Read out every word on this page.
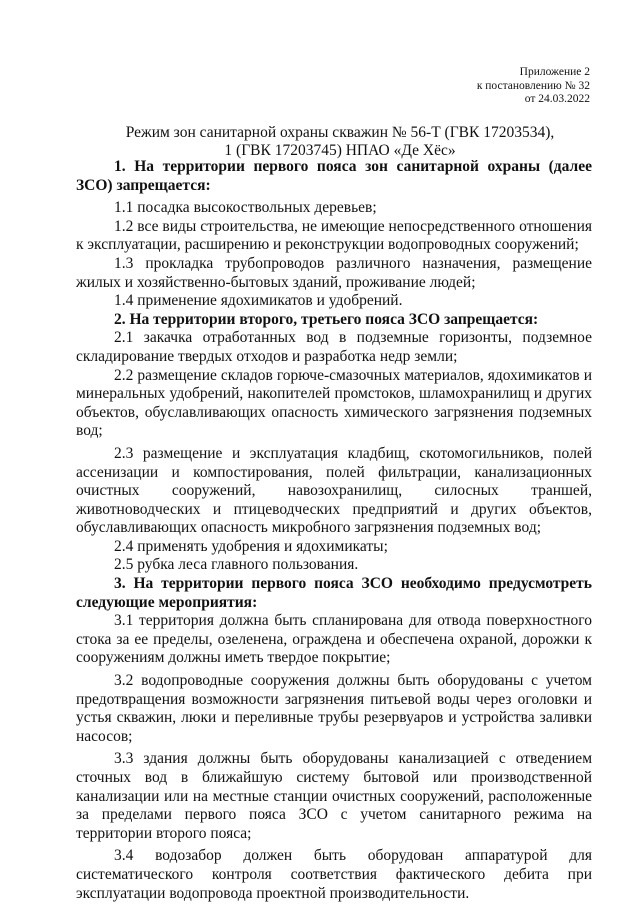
Приложение 2
к постановлению № 32
от 24.03.2022
Режим зон санитарной охраны скважин № 56-Т (ГВК 17203534),
1 (ГВК 17203745) НПАО «Де Хёс»

1. На территории первого пояса зон санитарной охраны (далее ЗСО) запрещается:

1.1 посадка высокоствольных деревьев;

1.2 все виды строительства, не имеющие непосредственного отношения к эксплуатации, расширению и реконструкции водопроводных сооружений;

1.3 прокладка трубопроводов различного назначения, размещение жилых и хозяйственно-бытовых зданий, проживание людей;

1.4 применение ядохимикатов и удобрений.

2. На территории второго, третьего пояса ЗСО запрещается:

2.1 закачка отработанных вод в подземные горизонты, подземное складирование твердых отходов и разработка недр земли;

2.2 размещение складов горюче-смазочных материалов, ядохимикатов и минеральных удобрений, накопителей промстоков, шламохранилищ и других объектов, обуславливающих опасность химического загрязнения подземных вод;

2.3 размещение и эксплуатация кладбищ, скотомогильников, полей ассенизации и компостирования, полей фильтрации, канализационных очистных сооружений, навозохранилищ, силосных траншей, животноводческих и птицеводческих предприятий и других объектов, обуславливающих опасность микробного загрязнения подземных вод;

2.4 применять удобрения и ядохимикаты;

2.5 рубка леса главного пользования.

3. На территории первого пояса ЗСО необходимо предусмотреть следующие мероприятия:

3.1 территория должна быть спланирована для отвода поверхностного стока за ее пределы, озеленена, ограждена и обеспечена охраной, дорожки к сооружениям должны иметь твердое покрытие;

3.2 водопроводные сооружения должны быть оборудованы с учетом предотвращения возможности загрязнения питьевой воды через оголовки и устья скважин, люки и переливные трубы резервуаров и устройства заливки насосов;

3.3 здания должны быть оборудованы канализацией с отведением сточных вод в ближайшую систему бытовой или производственной канализации или на местные станции очистных сооружений, расположенные за пределами первого пояса ЗСО с учетом санитарного режима на территории второго пояса;

3.4 водозабор должен быть оборудован аппаратурой для систематического контроля соответствия фактического дебита при эксплуатации водопровода проектной производительности.
